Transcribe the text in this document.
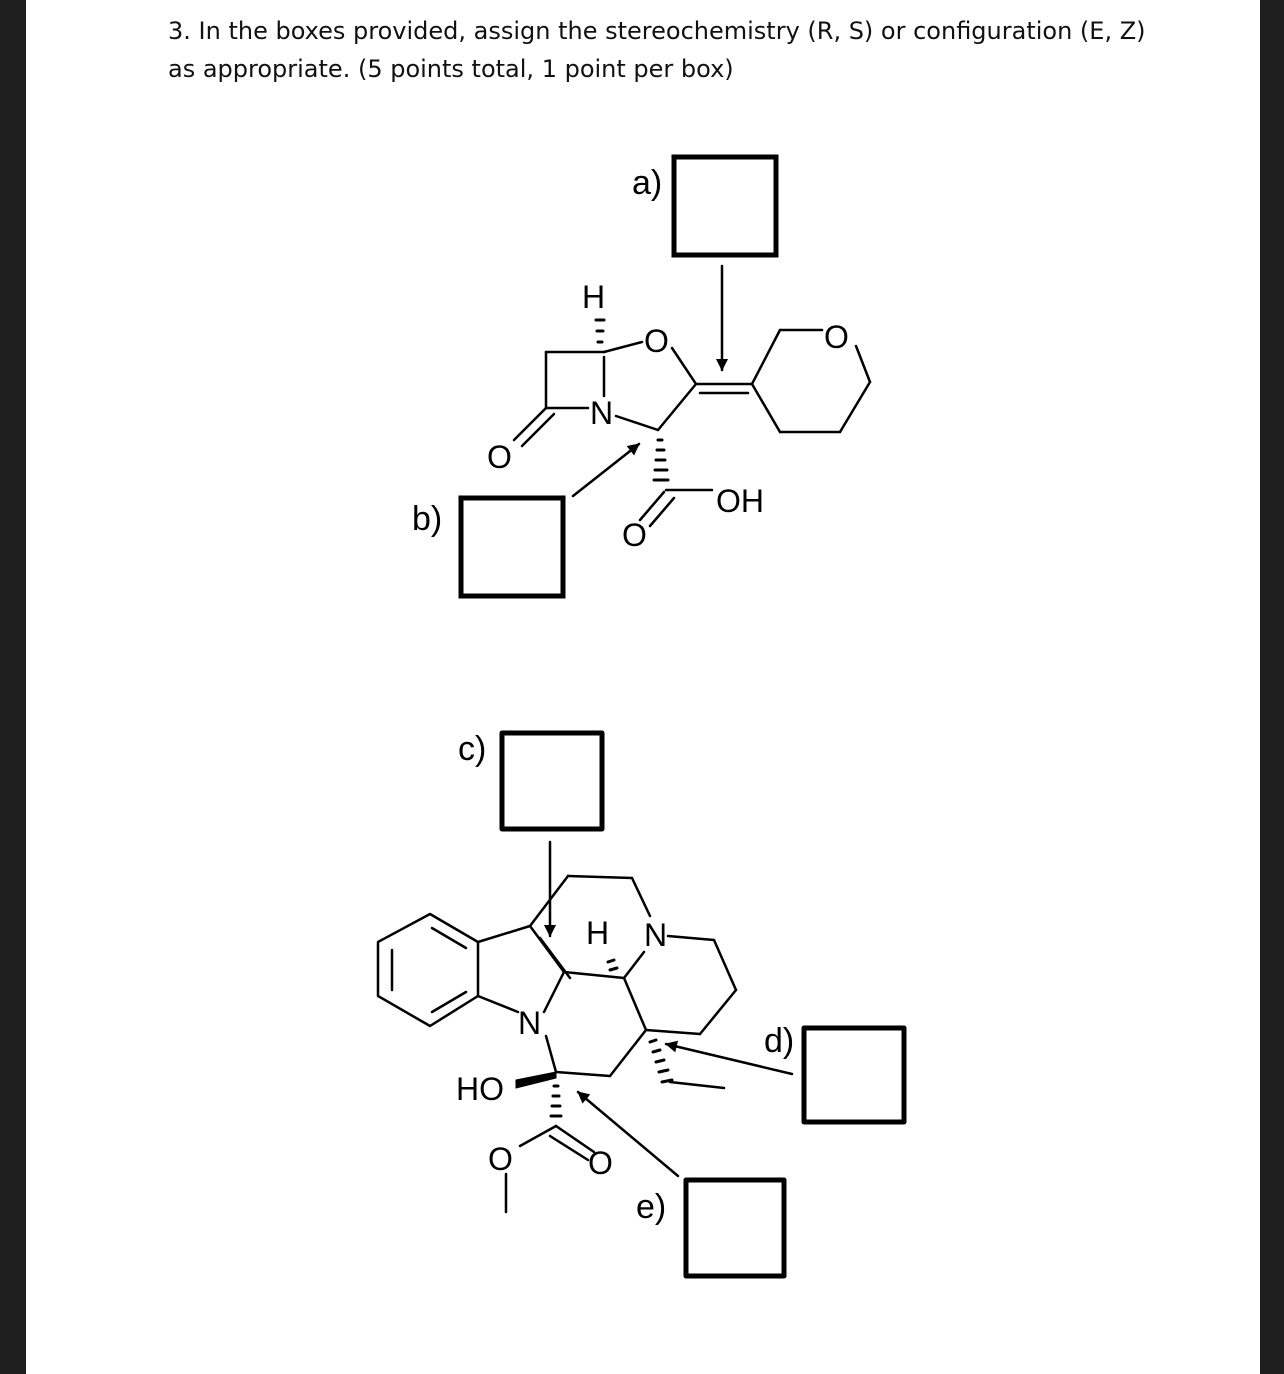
3. In the boxes provided, assign the stereochemistry (R, S) or configuration (E, Z)
as appropriate. (5 points total, 1 point per box)
a)
b)
H
O
N
O
O
OH
O
c)
d)
e)
H N
N
HO
O O
